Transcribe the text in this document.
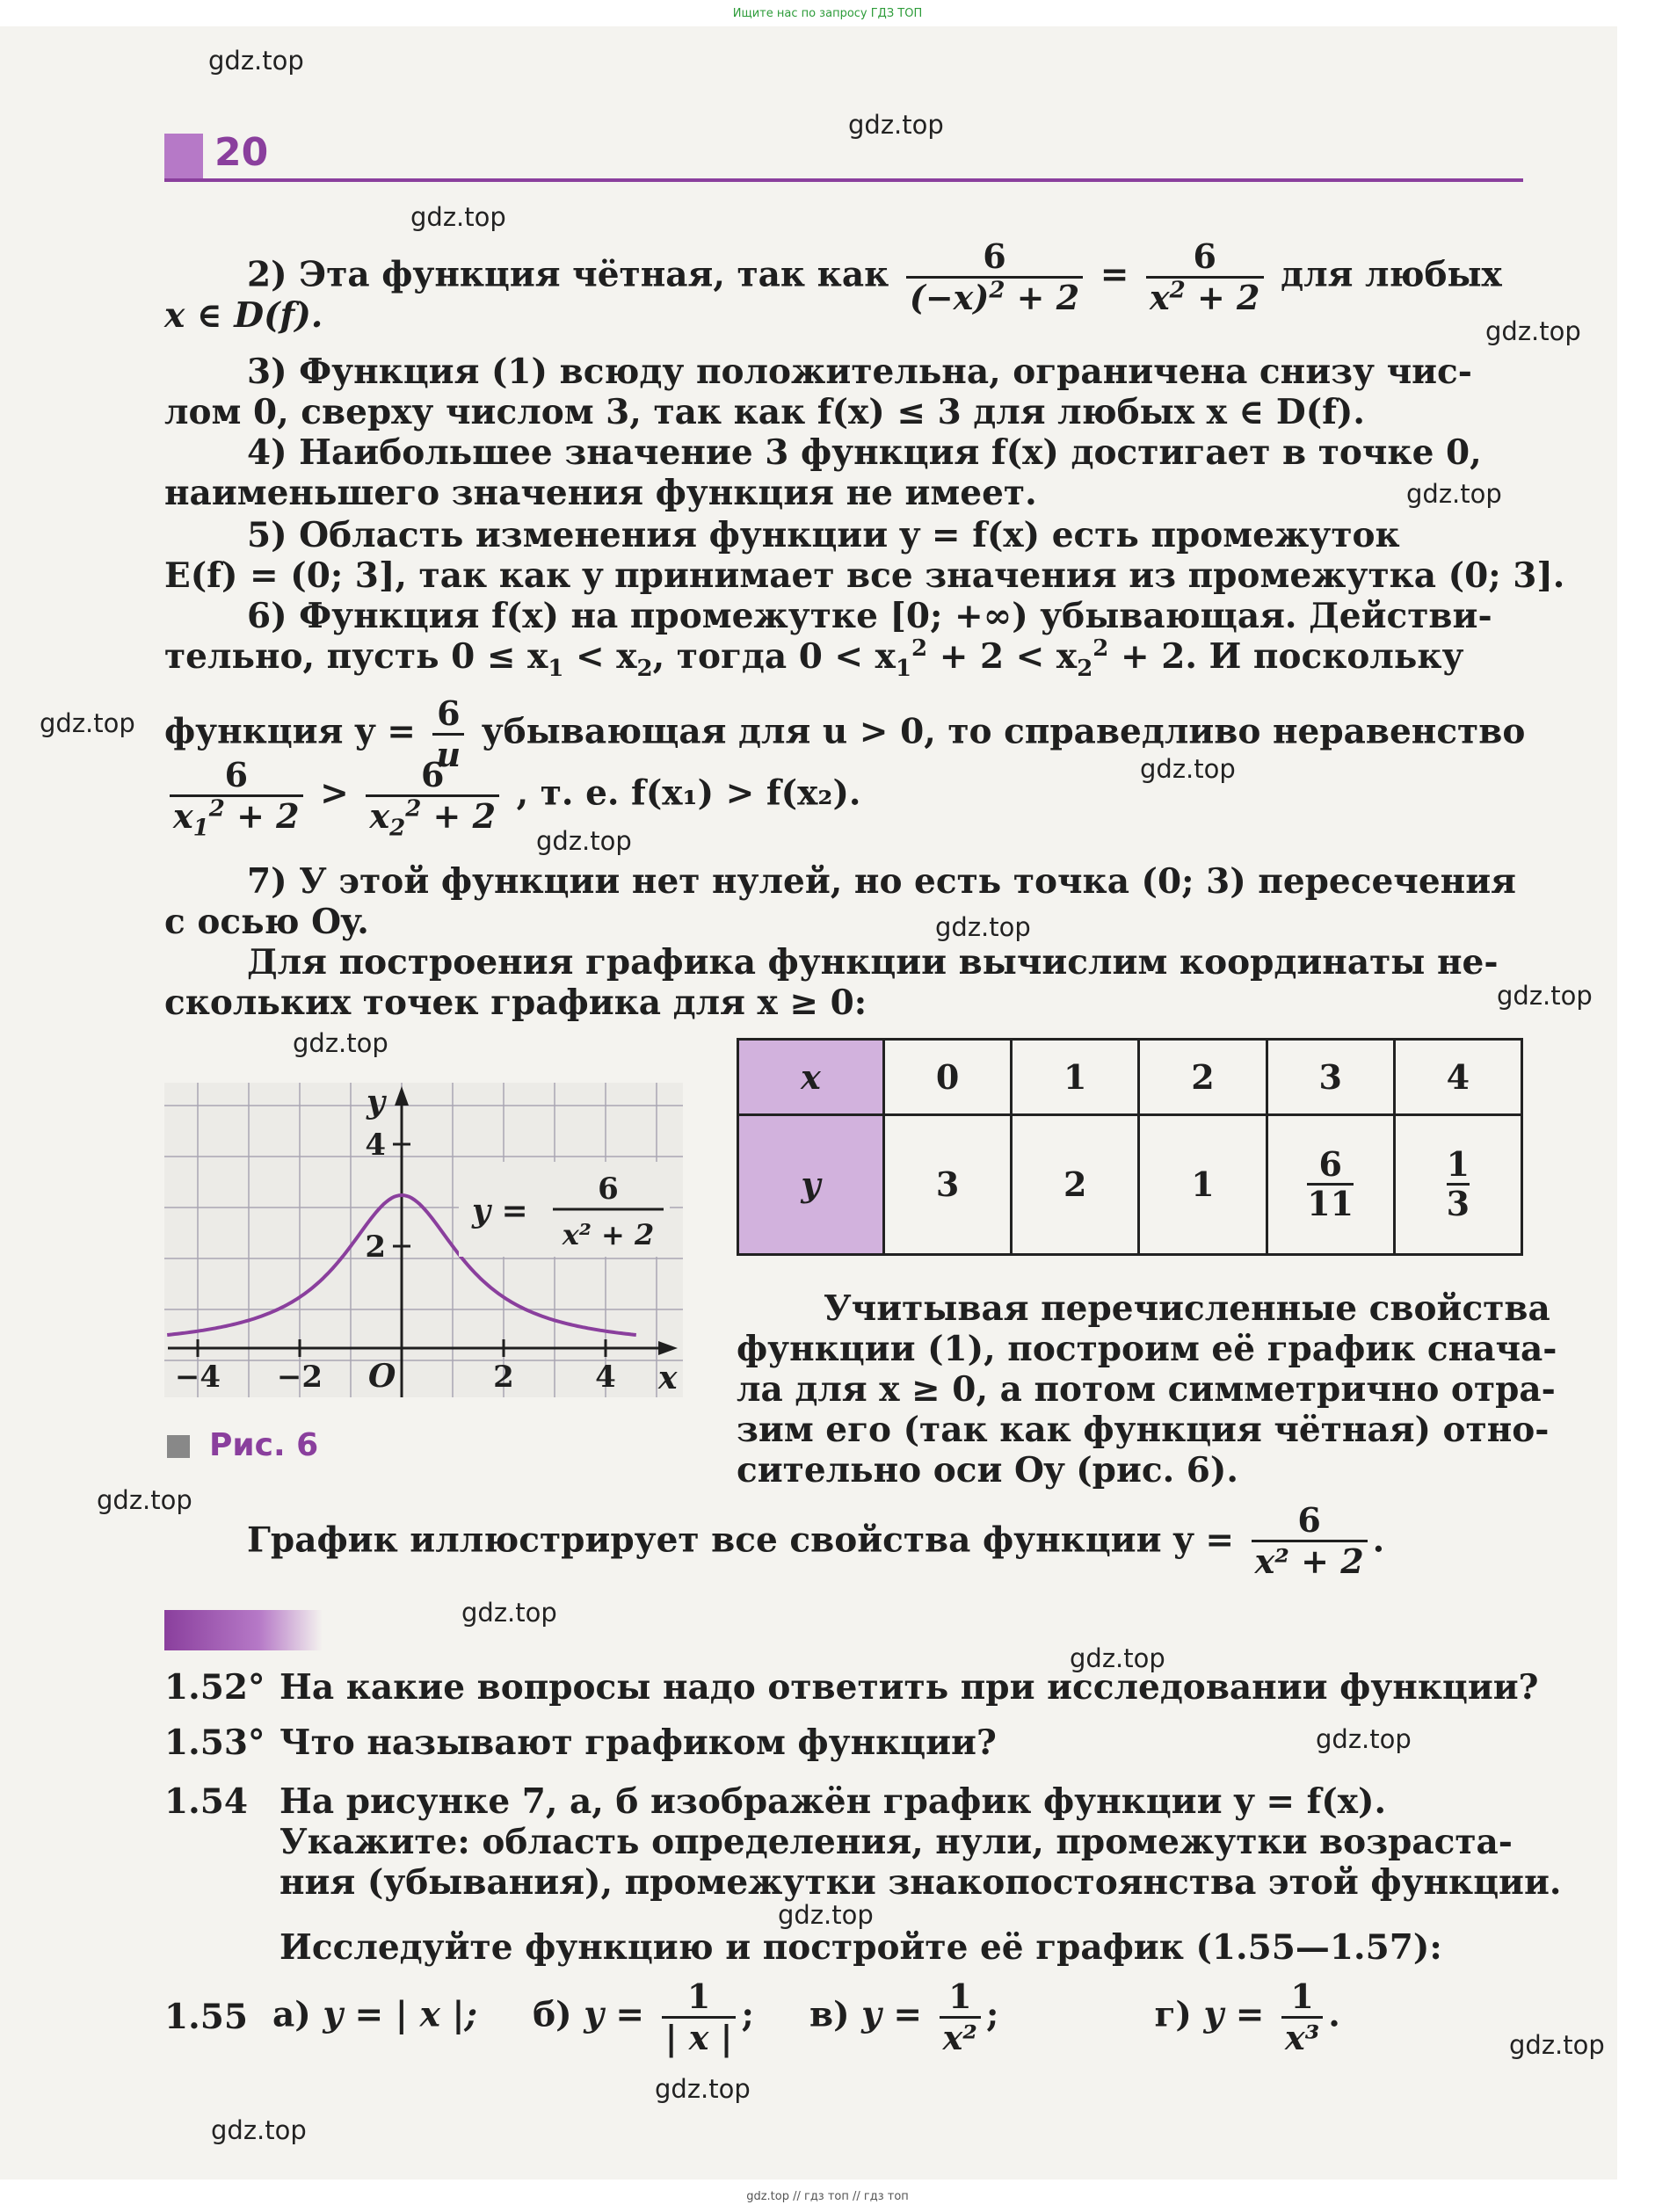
Ищите нас по запросу ГДЗ ТОП
gdz.top
gdz.top
gdz.top
gdz.top
gdz.top
gdz.top
gdz.top
gdz.top
gdz.top
gdz.top
gdz.top
gdz.top
gdz.top
gdz.top
gdz.top
gdz.top
gdz.top
gdz.top
gdz.top
20
2) Эта функция чётная, так как $\frac{6}{(-x)^2 + 2} = \frac{6}{x^2 + 2}$ для любых
x ∈ D(f).
3) Функция (1) всюду положительна, ограничена снизу чис-
лом 0, сверху числом 3, так как f(x) ≤ 3 для любых x ∈ D(f).
4) Наибольшее значение 3 функция f(x) достигает в точке 0,
наименьшего значения функция не имеет.
5) Область изменения функции y = f(x) есть промежуток
E(f) = (0; 3], так как y принимает все значения из промежутка (0; 3].
6) Функция f(x) на промежутке [0; +∞) убывающая. Действи-
тельно, пусть $0 \le x_1 < x_2$, тогда $0 < x_1^2 + 2 < x_2^2 + 2$. И поскольку
функция $y = \frac{6}{u}$ убывающая для u > 0, то справедливо неравенство
$\frac{6}{x_1^2 + 2} > \frac{6}{x_2^2 + 2}$ , т. е. f(x₁) > f(x₂).
7) У этой функции нет нулей, но есть точка (0; 3) пересечения
с осью Oy.
Для построения графика функции вычислим координаты не-
скольких точек графика для x ≥ 0:
−4 −2	2	4
2
4
y
x
O
y =
6
x² + 2
Рис. 6
x	0	1	2	3	4
y	3	2	1	$\frac{6}{11}$	$\frac{1}{3}$
Учитывая перечисленные свойства
функции (1), построим её график снача-
ла для x ≥ 0, а потом симметрично отра-
зим его (так как функция чётная) отно-
сительно оси Oy (рис. 6).
График иллюстрирует все свойства функции $y = \frac{6}{\text{x² + 2}}$ .
1.52° На какие вопросы надо ответить при исследовании функции?
1.53° Что называют графиком функции?
1.54 На рисунке 7, а, б изображён график функции y = f(x).
Укажите: область определения, нули, промежутки возраста-
ния (убывания), промежутки знакопостоянства этой функции.
Исследуйте функцию и постройте её график (1.55—1.57):
1.55 а) y = | x |; б) $y = \frac{1}{| x |}$ ; в) $y = \frac{1}{\text{x²}}$ ;	г) $y = \frac{1}{\text{x³}}$ .
gdz.top // гдз топ // гдз топ
